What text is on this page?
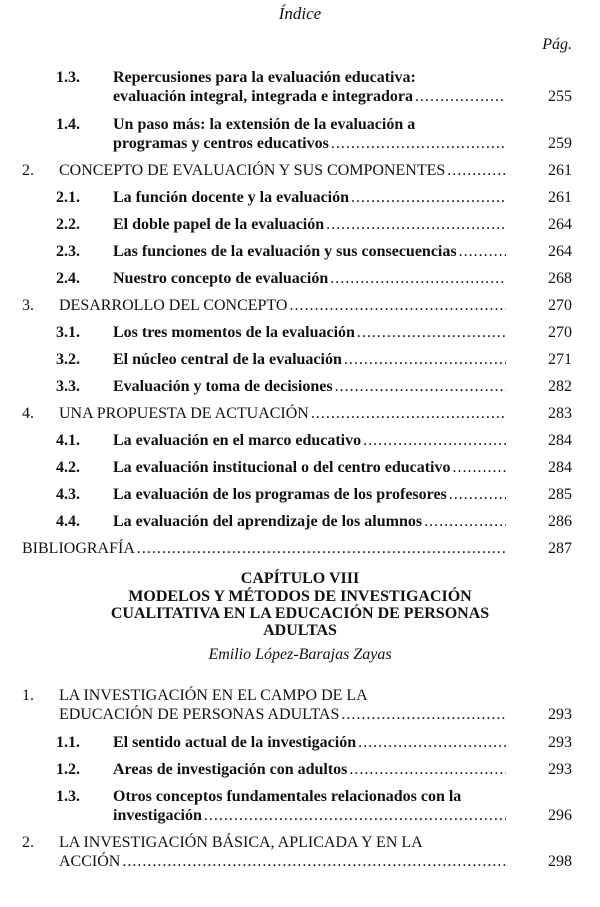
Índice
Pág.
1.3. Repercusiones para la evaluación educativa:
evaluación integral, integrada e integradora .....	255
1.4. Un paso más: la extensión de la evaluación a
programas y centros educativos .....	259
2. CONCEPTO DE EVALUACIÓN Y SUS COMPONENTES .....	261
2.1. La función docente y la evaluación .....	261
2.2. El doble papel de la evaluación .....	264
2.3. Las funciones de la evaluación y sus consecuencias .....	264
2.4. Nuestro concepto de evaluación .....	268
3. DESARROLLO DEL CONCEPTO .....	270
3.1. Los tres momentos de la evaluación .....	270
3.2. El núcleo central de la evaluación .....	271
3.3. Evaluación y toma de decisiones .....	282
4. UNA PROPUESTA DE ACTUACIÓN .....	283
4.1. La evaluación en el marco educativo .....	284
4.2. La evaluación institucional o del centro educativo .....	284
4.3. La evaluación de los programas de los profesores .....	285
4.4. La evaluación del aprendizaje de los alumnos .....	286
BIBLIOGRAFÍA .....	287
CAPÍTULO VIII
MODELOS Y MÉTODOS DE INVESTIGACIÓN
CUALITATIVA EN LA EDUCACIÓN DE PERSONAS
ADULTAS
Emilio López-Barajas Zayas
1. LA INVESTIGACIÓN EN EL CAMPO DE LA
EDUCACIÓN DE PERSONAS ADULTAS .....	293
1.1. El sentido actual de la investigación .....	293
1.2. Areas de investigación con adultos .....	293
1.3. Otros conceptos fundamentales relacionados con la
investigación .....	296
2. LA INVESTIGACIÓN BÁSICA, APLICADA Y EN LA
ACCIÓN .....	298
